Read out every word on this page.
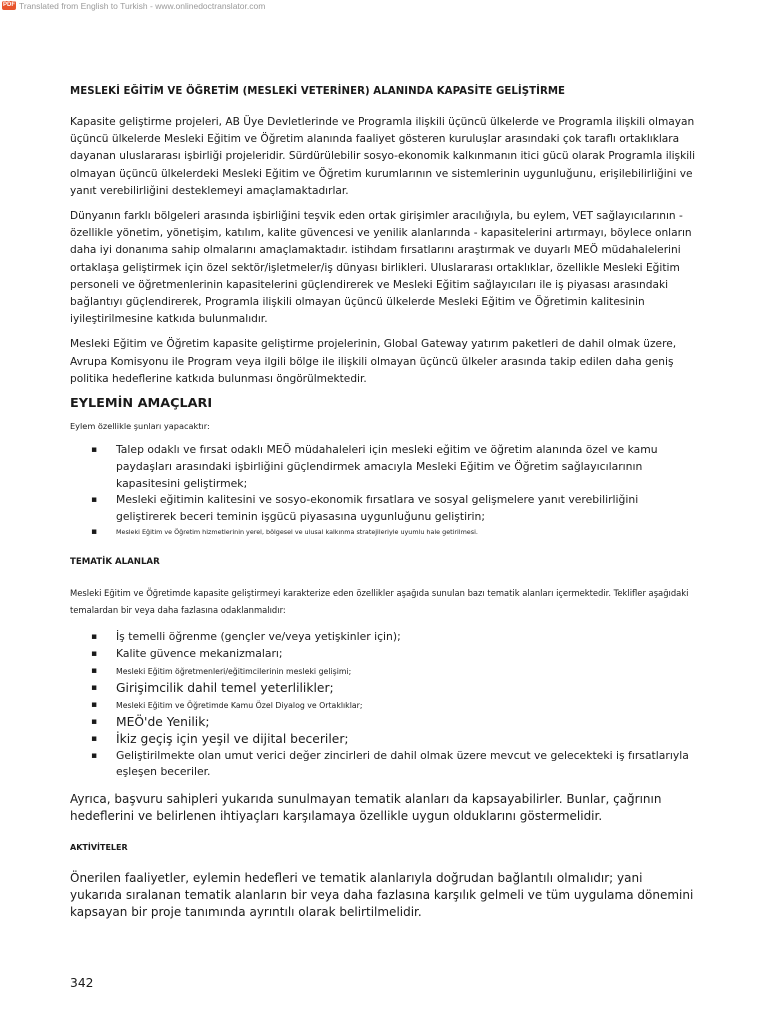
PDF Translated from English to Turkish - www.onlinedoctranslator.com
MESLEKİ EĞİTİM VE ÖĞRETİM (MESLEKİ VETERİNER) ALANINDA KAPASİTE GELİŞTİRME

Kapasite geliştirme projeleri, AB Üye Devletlerinde ve Programla ilişkili üçüncü ülkelerde ve Programla ilişkili olmayan üçüncü ülkelerde Mesleki Eğitim ve Öğretim alanında faaliyet gösteren kuruluşlar arasındaki çok taraflı ortaklıklara dayanan uluslararası işbirliği projeleridir. Sürdürülebilir sosyo-ekonomik kalkınmanın itici gücü olarak Programla ilişkili olmayan üçüncü ülkelerdeki Mesleki Eğitim ve Öğretim kurumlarının ve sistemlerinin uygunluğunu, erişilebilirliğini ve yanıt verebilirliğini desteklemeyi amaçlamaktadırlar.

Dünyanın farklı bölgeleri arasında işbirliğini teşvik eden ortak girişimler aracılığıyla, bu eylem, VET sağlayıcılarının - özellikle yönetim, yönetişim, katılım, kalite güvencesi ve yenilik alanlarında - kapasitelerini artırmayı, böylece onların daha iyi donanıma sahip olmalarını amaçlamaktadır. istihdam fırsatlarını araştırmak ve duyarlı MEÖ müdahalelerini ortaklaşa geliştirmek için özel sektör/işletmeler/iş dünyası birlikleri. Uluslararası ortaklıklar, özellikle Mesleki Eğitim personeli ve öğretmenlerinin kapasitelerini güçlendirerek ve Mesleki Eğitim sağlayıcıları ile iş piyasası arasındaki bağlantıyı güçlendirerek, Programla ilişkili olmayan üçüncü ülkelerde Mesleki Eğitim ve Öğretimin kalitesinin iyileştirilmesine katkıda bulunmalıdır.

Mesleki Eğitim ve Öğretim kapasite geliştirme projelerinin, Global Gateway yatırım paketleri de dahil olmak üzere, Avrupa Komisyonu ile Program veya ilgili bölge ile ilişkili olmayan üçüncü ülkeler arasında takip edilen daha geniş politika hedeflerine katkıda bulunması öngörülmektedir.

EYLEMİN AMAÇLARI

Eylem özellikle şunları yapacaktır:

▪ Talep odaklı ve fırsat odaklı MEÖ müdahaleleri için mesleki eğitim ve öğretim alanında özel ve kamu paydaşları arasındaki işbirliğini güçlendirmek amacıyla Mesleki Eğitim ve Öğretim sağlayıcılarının kapasitesini geliştirmek;
▪ Mesleki eğitimin kalitesini ve sosyo-ekonomik fırsatlara ve sosyal gelişmelere yanıt verebilirliğini geliştirerek beceri teminin işgücü piyasasına uygunluğunu geliştirin;
▪ Mesleki Eğitim ve Öğretim hizmetlerinin yerel, bölgesel ve ulusal kalkınma stratejileriyle uyumlu hale getirilmesi.
TEMATİK ALANLAR

Mesleki Eğitim ve Öğretimde kapasite geliştirmeyi karakterize eden özellikler aşağıda sunulan bazı tematik alanları içermektedir. Teklifler aşağıdaki temalardan bir veya daha fazlasına odaklanmalıdır:

▪ İş temelli öğrenme (gençler ve/veya yetişkinler için);
▪ Kalite güvence mekanizmaları;
▪ Mesleki Eğitim öğretmenleri/eğitimcilerinin mesleki gelişimi;
▪ Girişimcilik dahil temel yeterlilikler;
▪ Mesleki Eğitim ve Öğretimde Kamu Özel Diyalog ve Ortaklıklar;
▪ MEÖ'de Yenilik;
▪ İkiz geçiş için yeşil ve dijital beceriler;
▪ Geliştirilmekte olan umut verici değer zincirleri de dahil olmak üzere mevcut ve gelecekteki iş fırsatlarıyla eşleşen beceriler.

Ayrıca, başvuru sahipleri yukarıda sunulmayan tematik alanları da kapsayabilirler. Bunlar, çağrının hedeflerini ve belirlenen ihtiyaçları karşılamaya özellikle uygun olduklarını göstermelidir.

AKTİVİTELER

Önerilen faaliyetler, eylemin hedefleri ve tematik alanlarıyla doğrudan bağlantılı olmalıdır; yani yukarıda sıralanan tematik alanların bir veya daha fazlasına karşılık gelmeli ve tüm uygulama dönemini kapsayan bir proje tanımında ayrıntılı olarak belirtilmelidir.

342
